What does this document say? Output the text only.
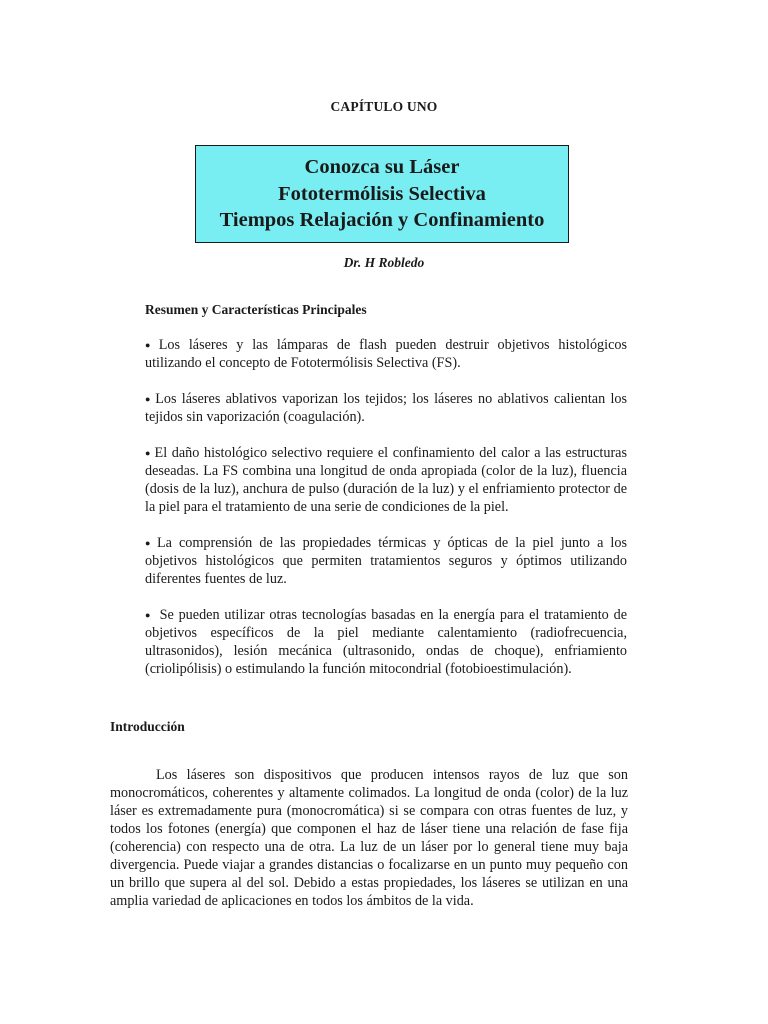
CAPÍTULO UNO
Conozca su Láser
Fototermólisis Selectiva
Tiempos Relajación y Confinamiento
Dr. H Robledo
Resumen y Características Principales

● Los láseres y las lámparas de flash pueden destruir objetivos histológicos utilizando el concepto de Fototermólisis Selectiva (FS).

● Los láseres ablativos vaporizan los tejidos; los láseres no ablativos calientan los tejidos sin vaporización (coagulación).

● El daño histológico selectivo requiere el confinamiento del calor a las estructuras deseadas. La FS combina una longitud de onda apropiada (color de la luz), fluencia (dosis de la luz), anchura de pulso (duración de la luz) y el enfriamiento protector de la piel para el tratamiento de una serie de condiciones de la piel.

● La comprensión de las propiedades térmicas y ópticas de la piel junto a los objetivos histológicos que permiten tratamientos seguros y óptimos utilizando diferentes fuentes de luz.

● Se pueden utilizar otras tecnologías basadas en la energía para el tratamiento de objetivos específicos de la piel mediante calentamiento (radiofrecuencia, ultrasonidos), lesión mecánica (ultrasonido, ondas de choque), enfriamiento (criolipólisis) o estimulando la función mitocondrial (fotobioestimulación).

Introducción

Los láseres son dispositivos que producen intensos rayos de luz que son monocromáticos, coherentes y altamente colimados. La longitud de onda (color) de la luz láser es extremadamente pura (monocromática) si se compara con otras fuentes de luz, y todos los fotones (energía) que componen el haz de láser tiene una relación de fase fija (coherencia) con respecto una de otra. La luz de un láser por lo general tiene muy baja divergencia. Puede viajar a grandes distancias o focalizarse en un punto muy pequeño con un brillo que supera al del sol. Debido a estas propiedades, los láseres se utilizan en una amplia variedad de aplicaciones en todos los ámbitos de la vida.
